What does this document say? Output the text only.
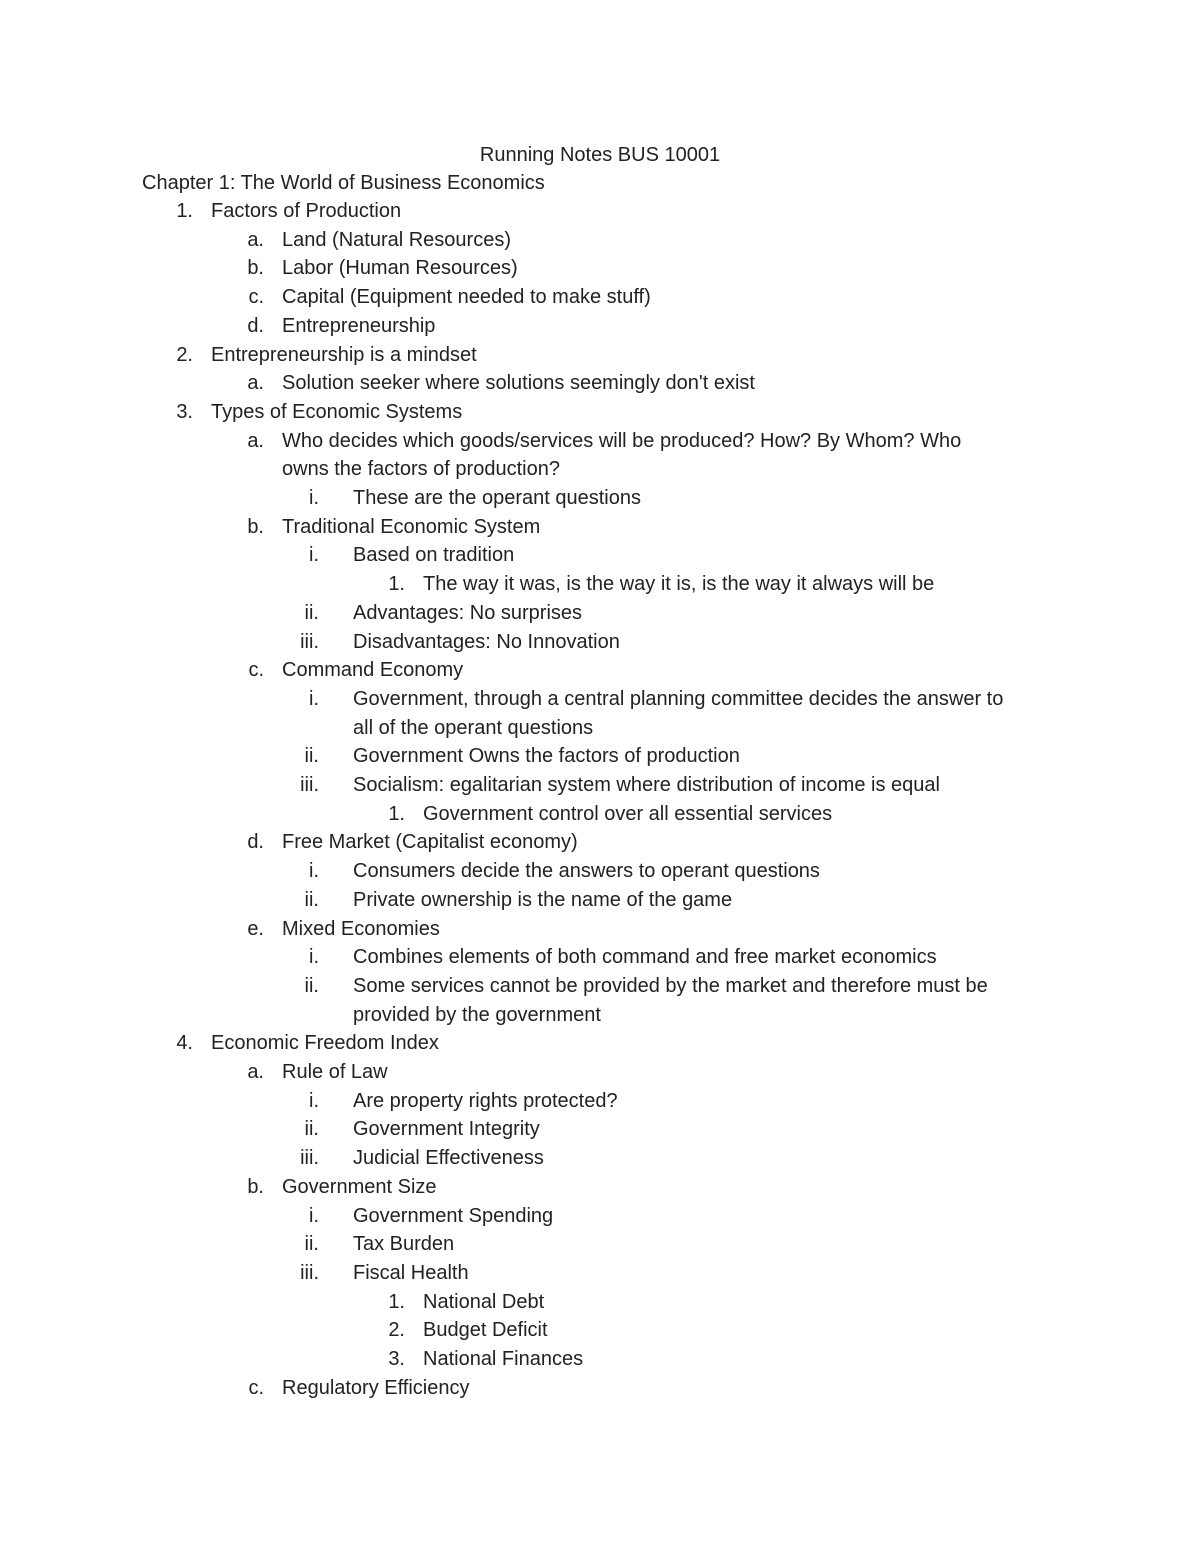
Running Notes BUS 10001
Chapter 1: The World of Business Economics
1. Factors of Production
a. Land (Natural Resources)
b. Labor (Human Resources)
c. Capital (Equipment needed to make stuff)
d. Entrepreneurship
2. Entrepreneurship is a mindset
a. Solution seeker where solutions seemingly don't exist
3. Types of Economic Systems
a. Who decides which goods/services will be produced? How? By Whom? Who
owns the factors of production?
i. These are the operant questions
b. Traditional Economic System
i. Based on tradition
1. The way it was, is the way it is, is the way it always will be
ii. Advantages: No surprises
iii. Disadvantages: No Innovation
c. Command Economy
i. Government, through a central planning committee decides the answer to
all of the operant questions
ii. Government Owns the factors of production
iii. Socialism: egalitarian system where distribution of income is equal
1. Government control over all essential services
d. Free Market (Capitalist economy)
i. Consumers decide the answers to operant questions
ii. Private ownership is the name of the game
e. Mixed Economies
i. Combines elements of both command and free market economics
ii. Some services cannot be provided by the market and therefore must be
provided by the government
4. Economic Freedom Index
a. Rule of Law
i. Are property rights protected?
ii. Government Integrity
iii. Judicial Effectiveness
b. Government Size
i. Government Spending
ii. Tax Burden
iii. Fiscal Health
1. National Debt
2. Budget Deficit
3. National Finances
c. Regulatory Efficiency
